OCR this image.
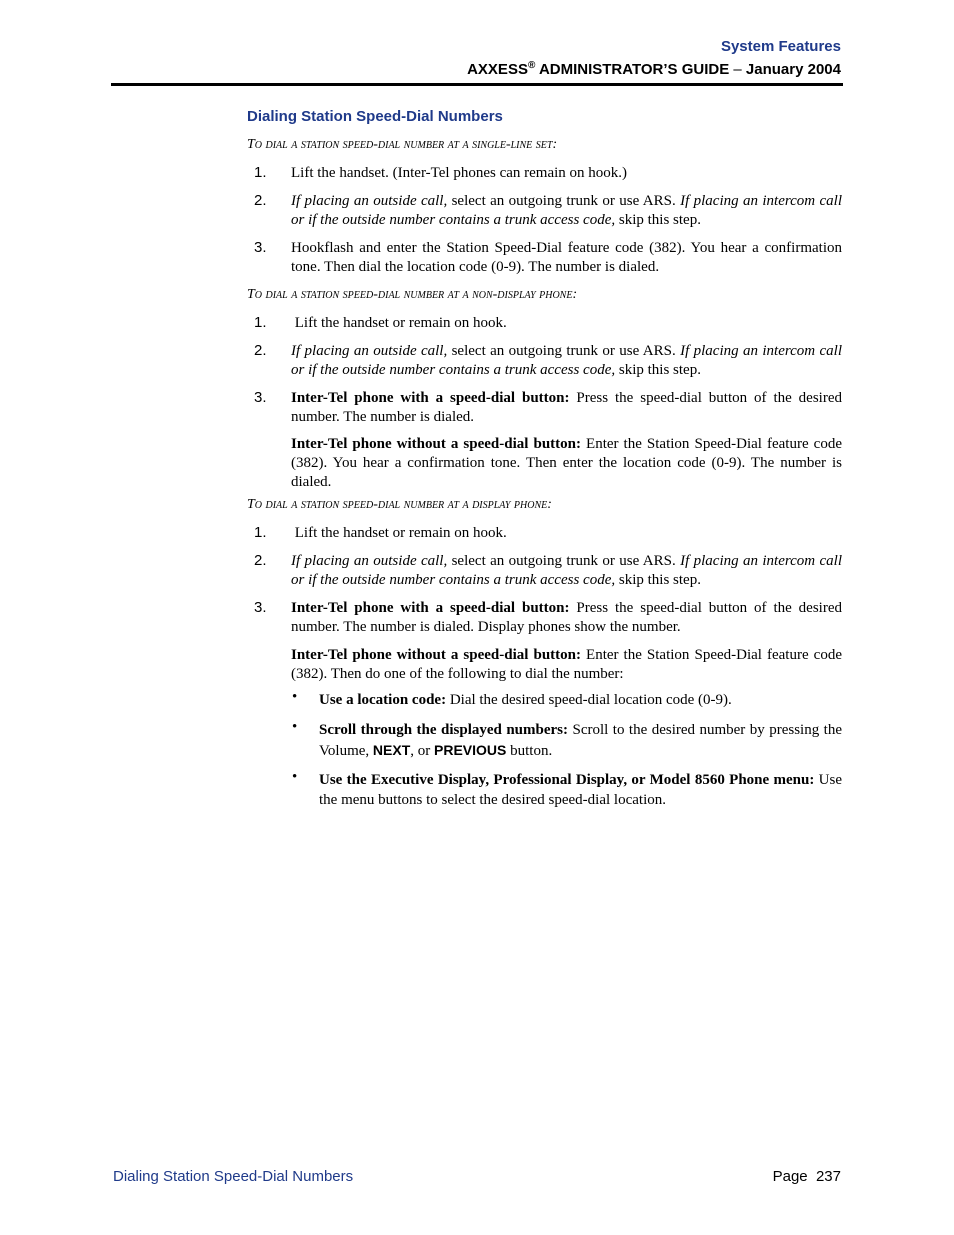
System Features
AXXESS® ADMINISTRATOR’S GUIDE – January 2004
Dialing Station Speed-Dial Numbers
To dial a station speed-dial number at a single-line set:
1. Lift the handset. (Inter-Tel phones can remain on hook.)
2. If placing an outside call, select an outgoing trunk or use ARS. If placing an intercom call or if the outside number contains a trunk access code, skip this step.
3. Hookflash and enter the Station Speed-Dial feature code (382). You hear a confirmation tone. Then dial the location code (0-9). The number is dialed.
To dial a station speed-dial number at a non-display phone:
1. Lift the handset or remain on hook.
2. If placing an outside call, select an outgoing trunk or use ARS. If placing an intercom call or if the outside number contains a trunk access code, skip this step.
3. Inter-Tel phone with a speed-dial button: Press the speed-dial button of the desired number. The number is dialed.
Inter-Tel phone without a speed-dial button: Enter the Station Speed-Dial feature code (382). You hear a confirmation tone. Then enter the location code (0-9). The number is dialed.
To dial a station speed-dial number at a display phone:
1. Lift the handset or remain on hook.
2. If placing an outside call, select an outgoing trunk or use ARS. If placing an intercom call or if the outside number contains a trunk access code, skip this step.
3. Inter-Tel phone with a speed-dial button: Press the speed-dial button of the desired number. The number is dialed. Display phones show the number.
Inter-Tel phone without a speed-dial button: Enter the Station Speed-Dial feature code (382). Then do one of the following to dial the number:
• Use a location code: Dial the desired speed-dial location code (0-9).
• Scroll through the displayed numbers: Scroll to the desired number by pressing the Volume, NEXT, or PREVIOUS button.
• Use the Executive Display, Professional Display, or Model 8560 Phone menu: Use the menu buttons to select the desired speed-dial location.
Dialing Station Speed-Dial Numbers	Page  237
